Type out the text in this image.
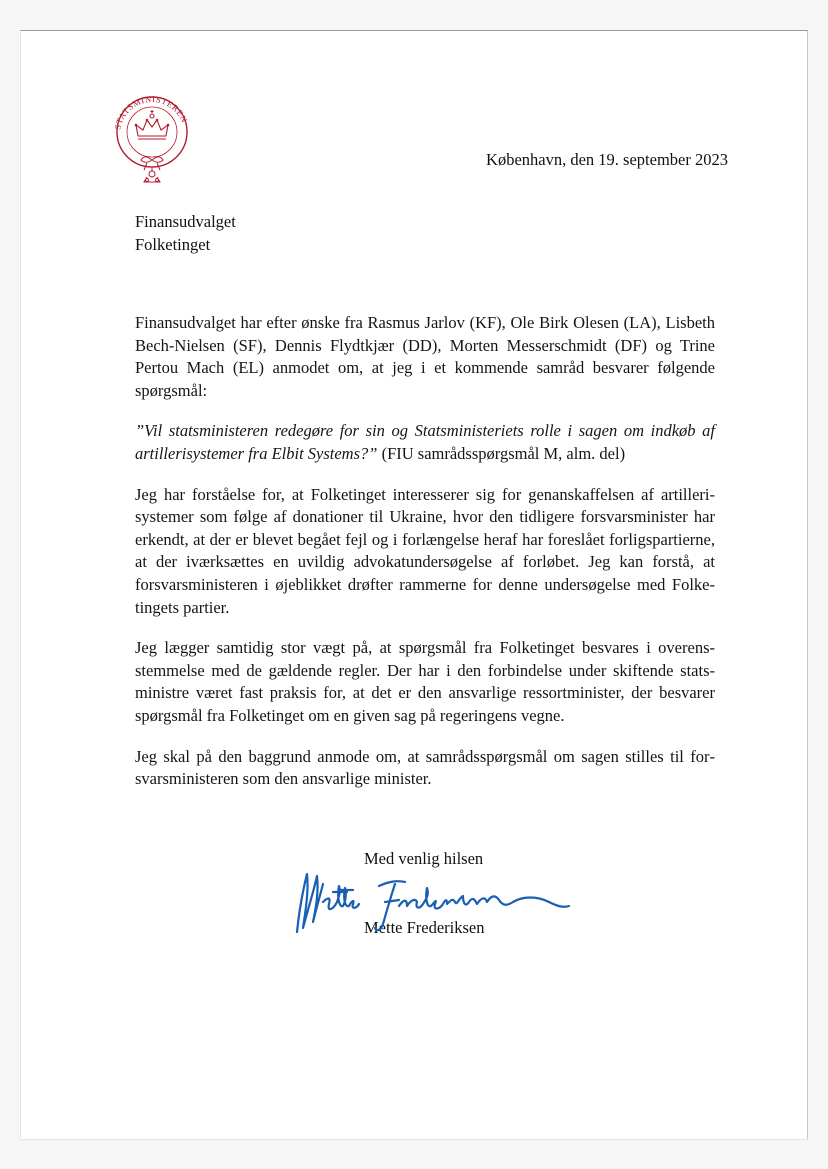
STATSMINISTEREN
København, den 19. september 2023
Finansudvalget
Folketinget

Finansudvalget har efter ønske fra Rasmus Jarlov (KF), Ole Birk Olesen (LA), Lisbeth Bech-Nielsen (SF), Dennis Flydtkjær (DD), Morten Messerschmidt (DF) og Trine Pertou Mach (EL) anmodet om, at jeg i et kommende samråd besvarer følgende spørgsmål:

”Vil statsministeren redegøre for sin og Statsministeriets rolle i sagen om indkøb af artillerisystemer fra Elbit Systems?” (FIU samrådsspørgsmål M, alm. del)

Jeg har forståelse for, at Folketinget interesserer sig for genanskaffelsen af artillerisystemer som følge af donationer til Ukraine, hvor den tidligere forsvarsminister har erkendt, at der er blevet begået fejl og i forlængelse heraf har foreslået forligspartierne, at der iværksættes en uvildig advokatundersøgelse af forløbet. Jeg kan forstå, at forsvarsministeren i øjeblikket drøfter rammerne for denne undersøgelse med Folketingets partier.

Jeg lægger samtidig stor vægt på, at spørgsmål fra Folketinget besvares i overensstemmelse med de gældende regler. Der har i den forbindelse under skiftende statsministre været fast praksis for, at det er den ansvarlige ressortminister, der besvarer spørgsmål fra Folketinget om en given sag på regeringens vegne.

Jeg skal på den baggrund anmode om, at samrådsspørgsmål om sagen stilles til forsvarsministeren som den ansvarlige minister.

Med venlig hilsen
Mette Frederiksen
